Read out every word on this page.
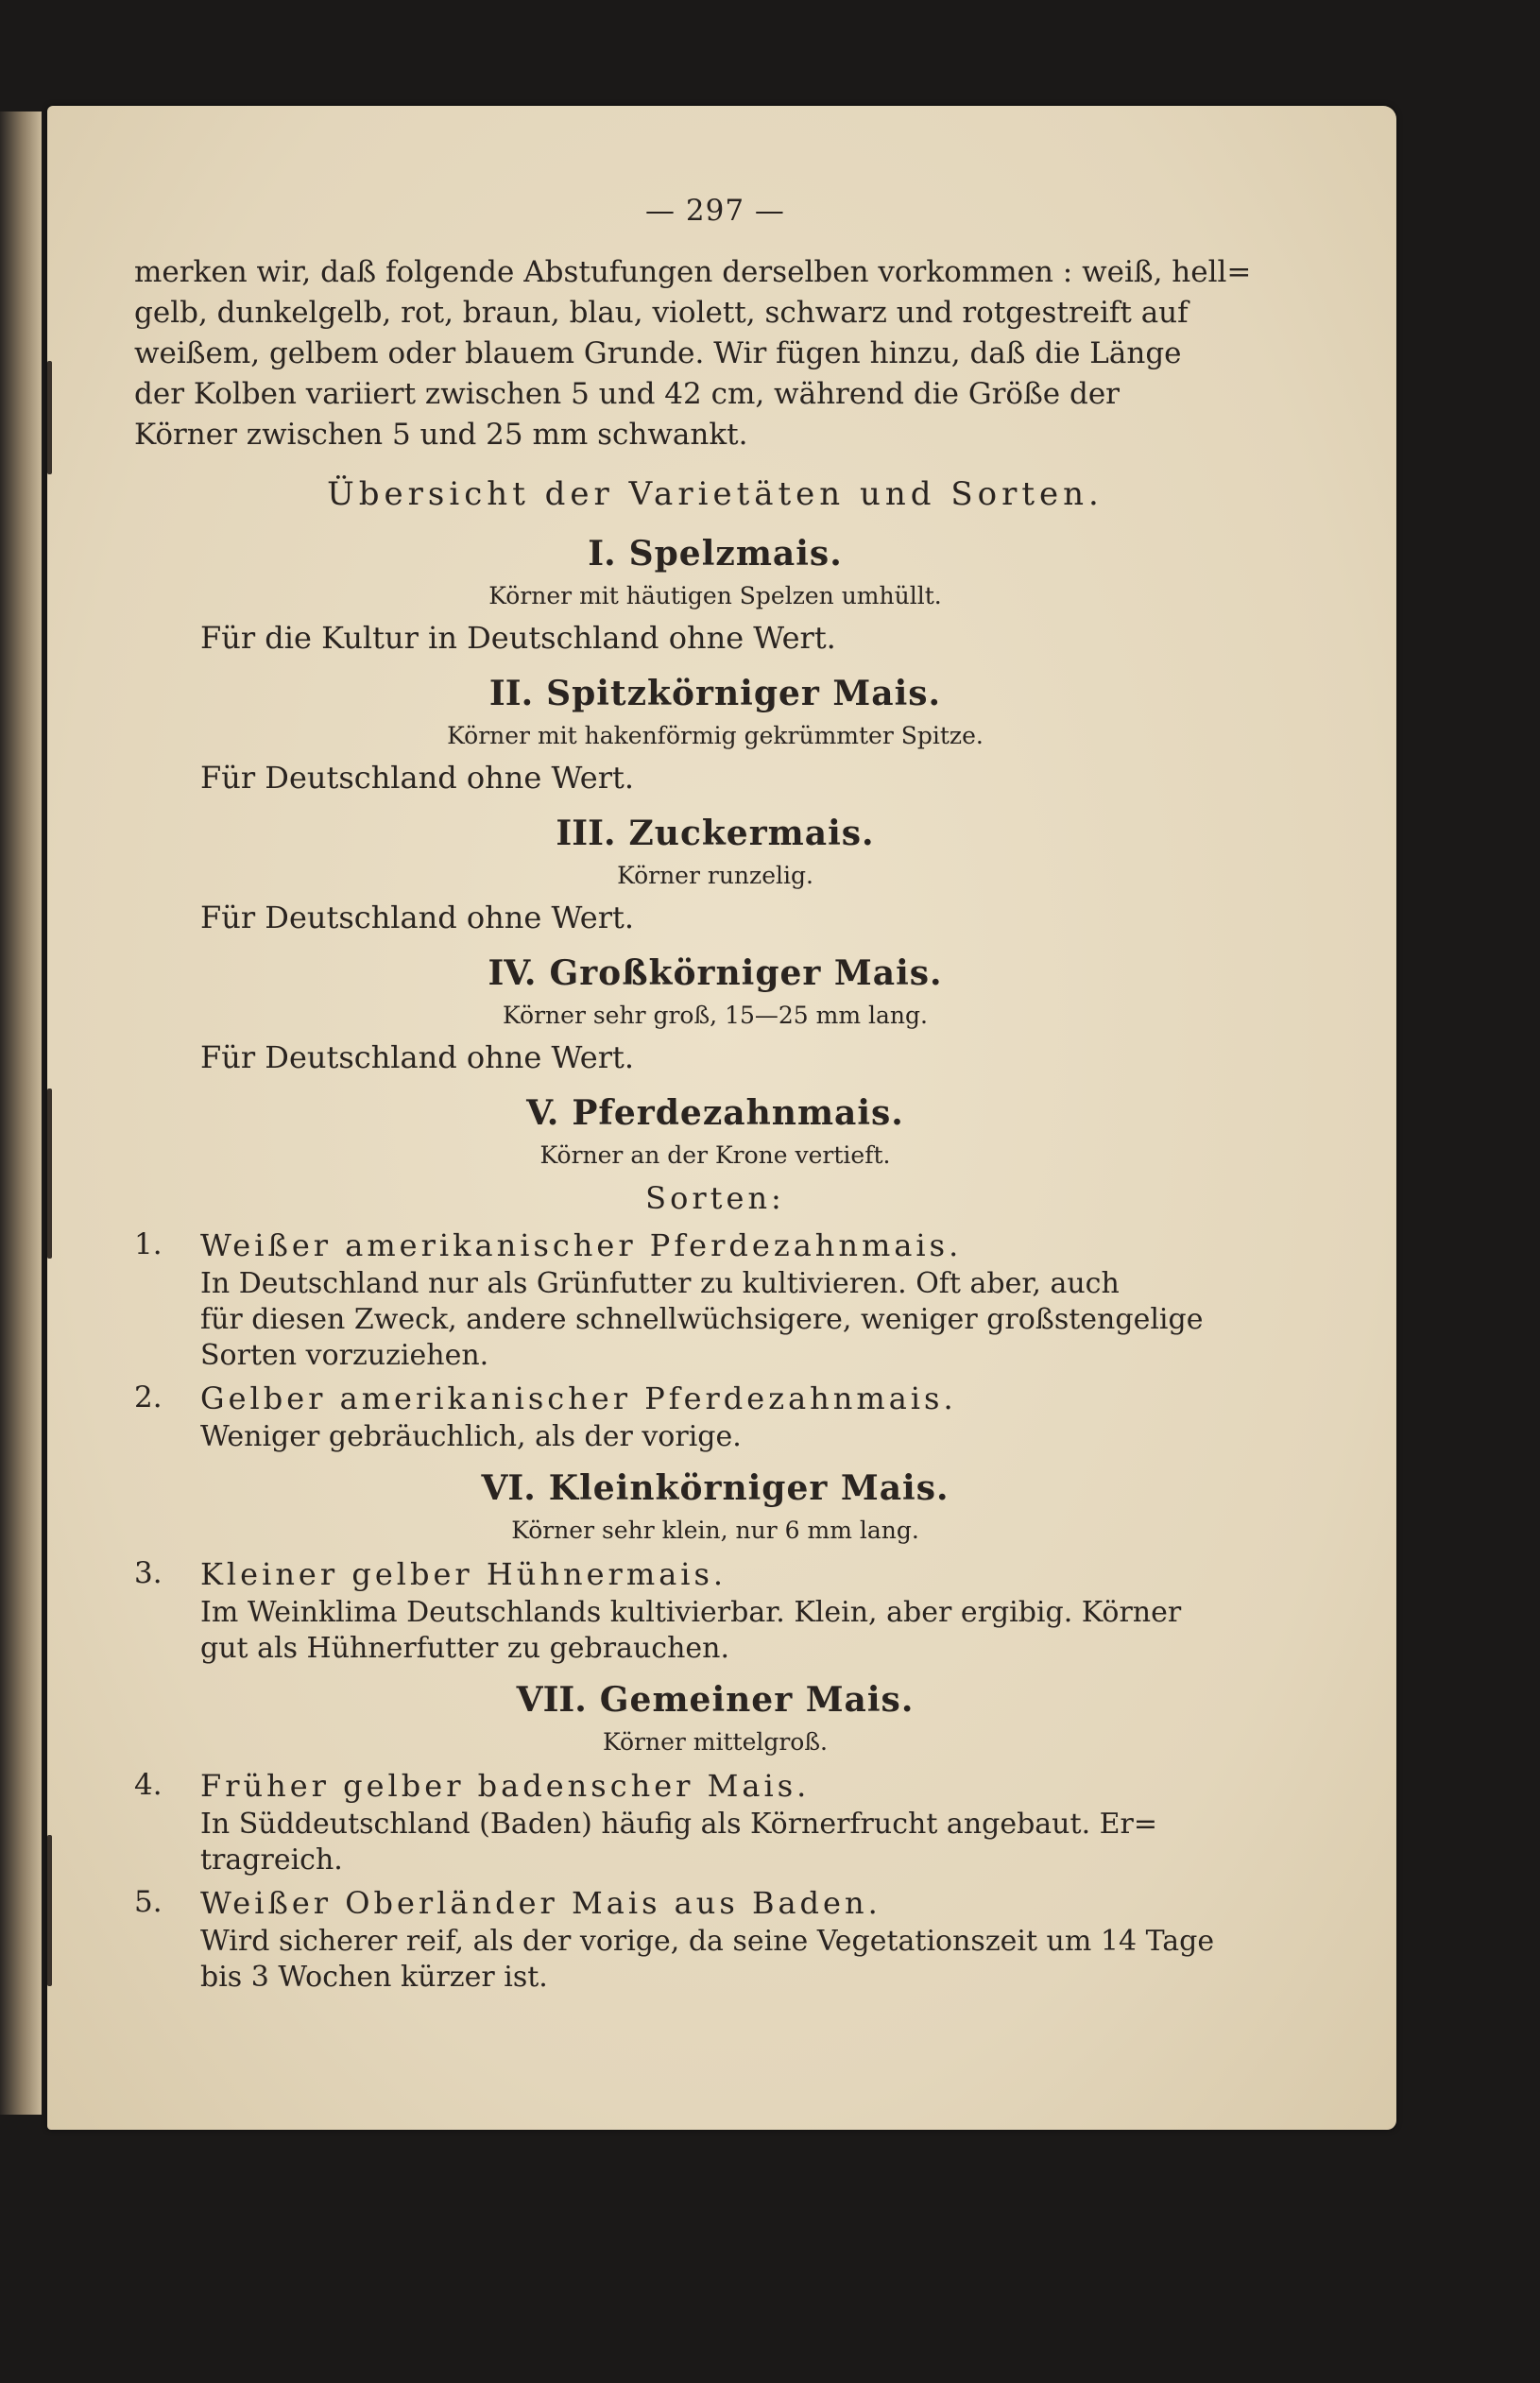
— 297 —

merken wir, daß folgende Abstufungen derselben vorkommen : weiß, hell=

gelb, dunkelgelb, rot, braun, blau, violett, schwarz und rotgestreift auf

weißem, gelbem oder blauem Grunde. Wir fügen hinzu, daß die Länge

der Kolben variiert zwischen 5 und 42 cm, während die Größe der

Körner zwischen 5 und 25 mm schwankt.

Übersicht der Varietäten und Sorten.
I. Spelzmais.
Körner mit häutigen Spelzen umhüllt.
Für die Kultur in Deutschland ohne Wert.
II. Spitzkörniger Mais.
Körner mit hakenförmig gekrümmter Spitze.
Für Deutschland ohne Wert.
III. Zuckermais.
Körner runzelig.
Für Deutschland ohne Wert.
IV. Großkörniger Mais.
Körner sehr groß, 15—25 mm lang.
Für Deutschland ohne Wert.
V. Pferdezahnmais.
Körner an der Krone vertieft.
Sorten:
1.	Weißer amerikanischer Pferdezahnmais.
In Deutschland nur als Grünfutter zu kultivieren. Oft aber, auch
für diesen Zweck, andere schnellwüchsigere, weniger großstengelige
Sorten vorzuziehen.
2.	Gelber amerikanischer Pferdezahnmais.
Weniger gebräuchlich, als der vorige.
VI. Kleinkörniger Mais.
Körner sehr klein, nur 6 mm lang.
3.	Kleiner gelber Hühnermais.
Im Weinklima Deutschlands kultivierbar. Klein, aber ergibig. Körner
gut als Hühnerfutter zu gebrauchen.
VII. Gemeiner Mais.
Körner mittelgroß.
4.	Früher gelber badenscher Mais.
In Süddeutschland (Baden) häufig als Körnerfrucht angebaut. Er=
tragreich.
5.	Weißer Oberländer Mais aus Baden.
Wird sicherer reif, als der vorige, da seine Vegetationszeit um 14 Tage
bis 3 Wochen kürzer ist.
